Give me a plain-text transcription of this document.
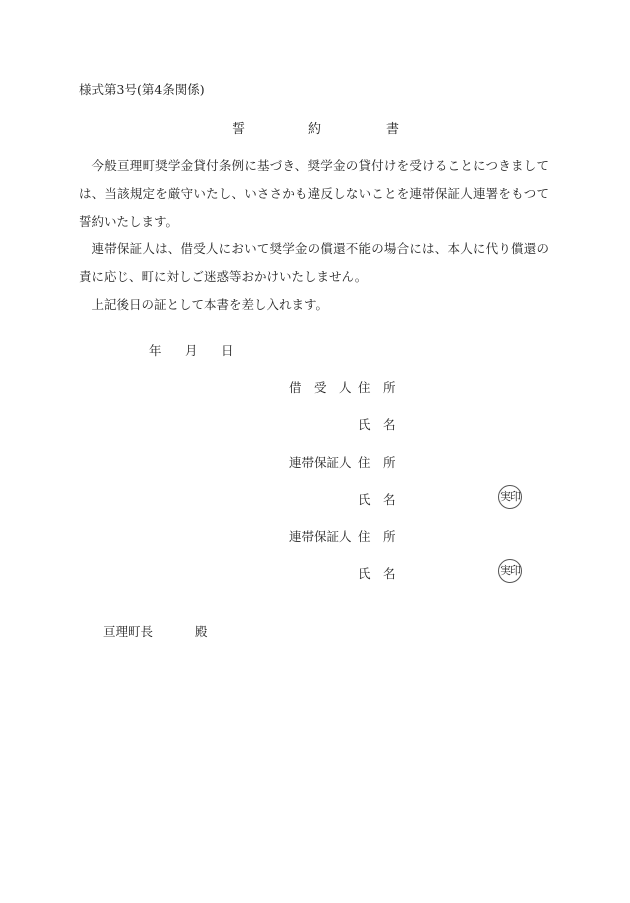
様式第3号(第4条関係)
誓	約	書

今般亘理町奨学金貸付条例に基づき、奨学金の貸付けを受けることにつきましては、当該規定を厳守いたし、いささかも違反しないことを連帯保証人連署をもつて誓約いたします。

連帯保証人は、借受人において奨学金の償還不能の場合には、本人に代り償還の責に応じ、町に対しご迷惑等おかけいたしません。

上記後日の証として本書を差し入れます。

年 月 日
借　受　人 住　所
氏　名
連帯保証人 住　所
氏　名	実印
連帯保証人 住　所
氏　名	実印
亘理町長	殿
